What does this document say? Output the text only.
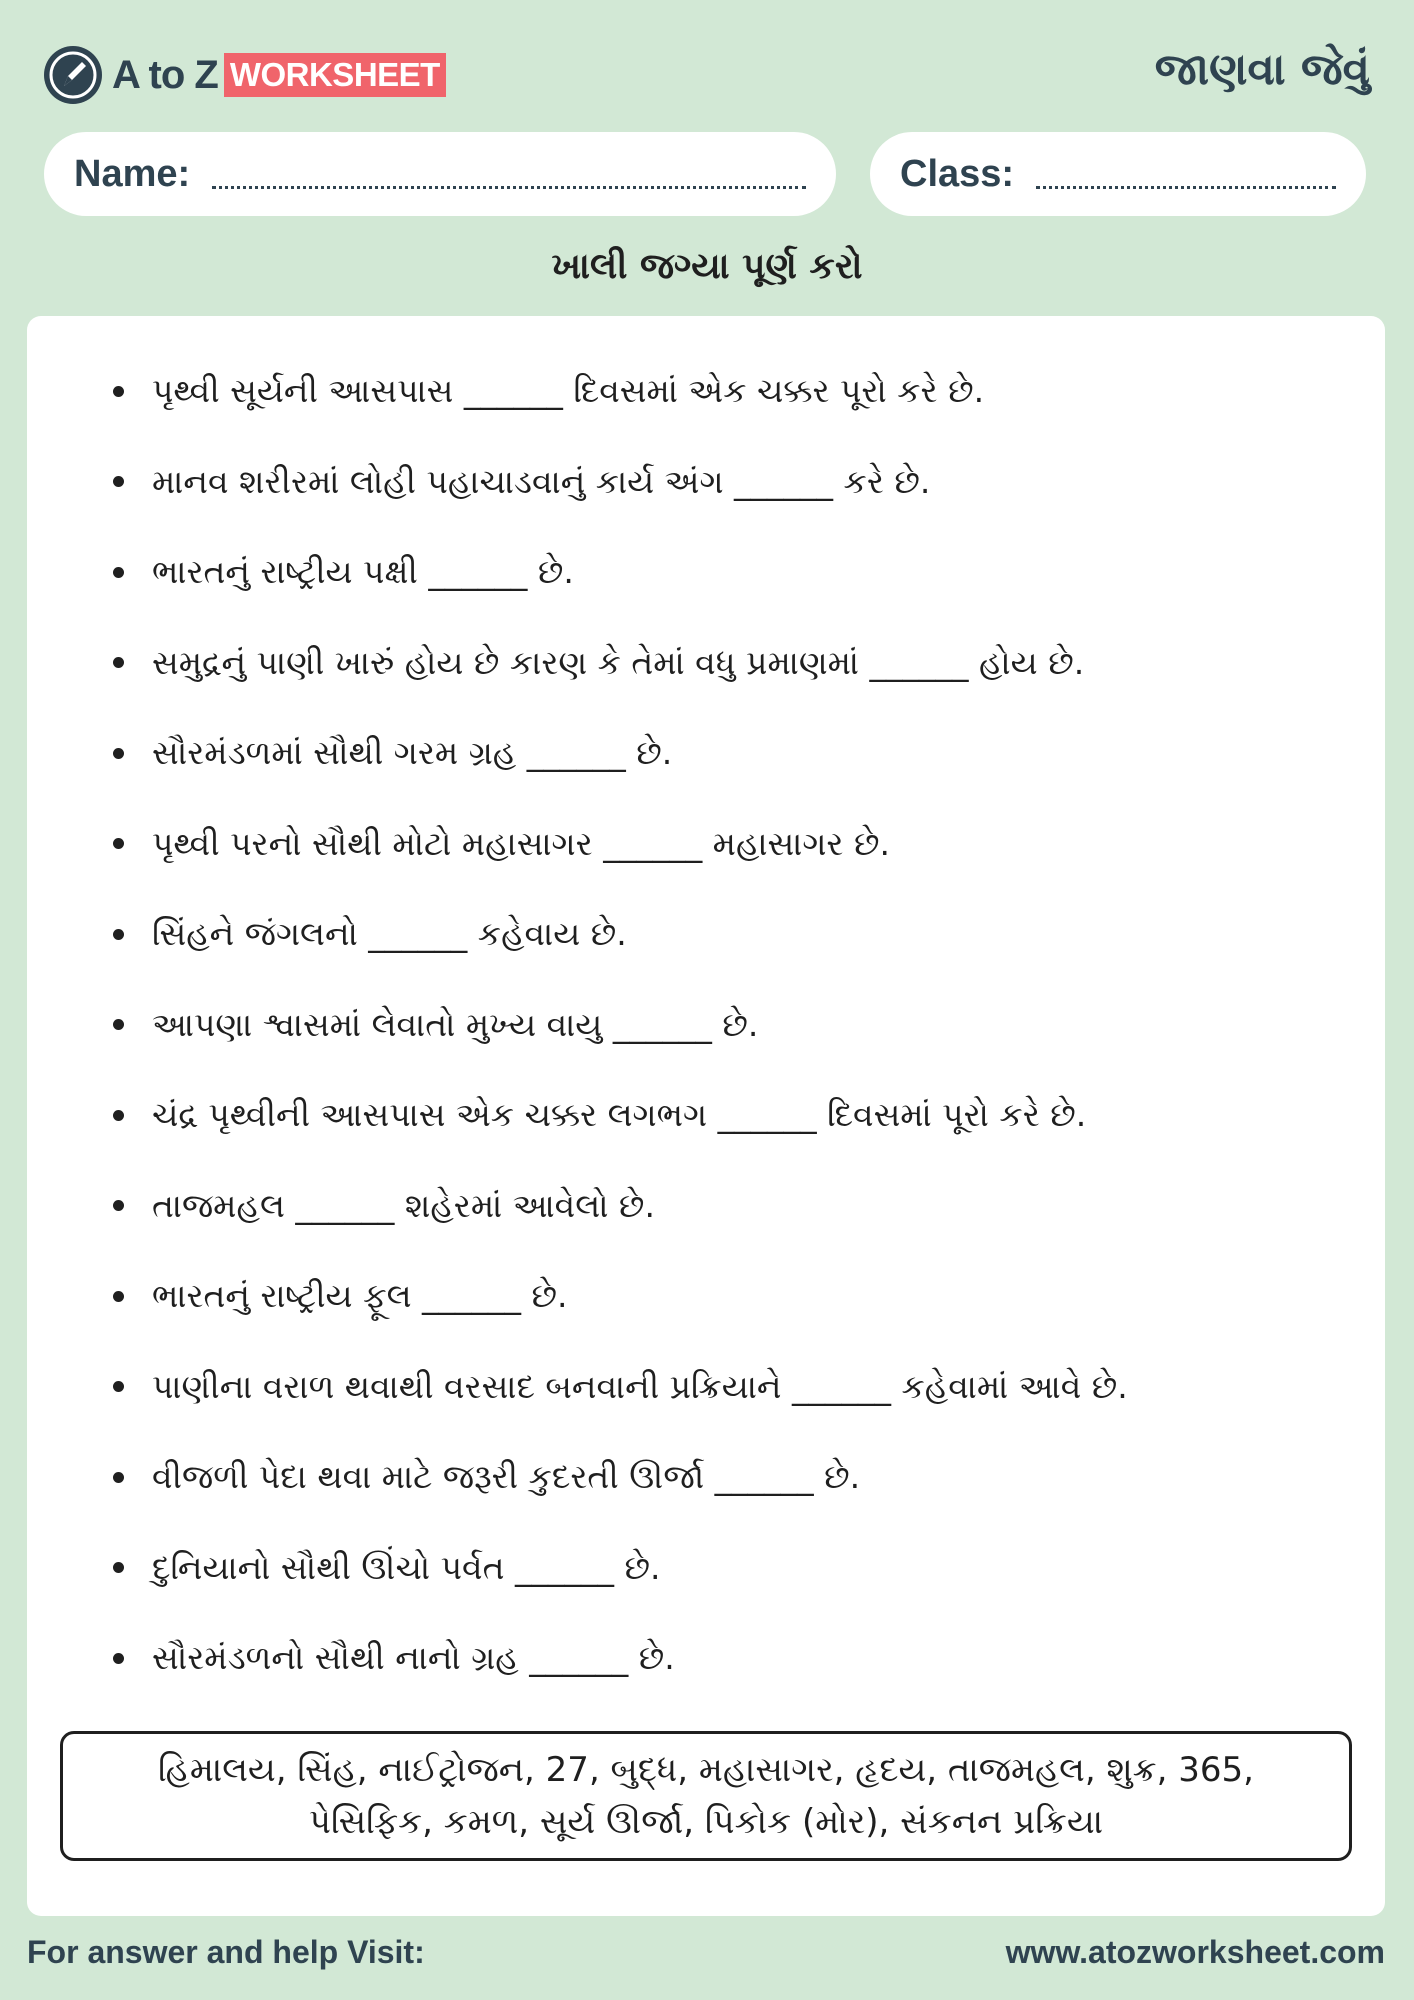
A to Z WORKSHEET	જાણવા જેવું
Name:	Class:
ખાલી જગ્યા પૂર્ણ કરો
પૃથ્વી સૂર્યની આસપાસ ______ દિવસમાં એક ચક્કર પૂરો કરે છે.
માનવ શરીરમાં લોહી પહાચાડવાનું કાર્ય અંગ ______ કરે છે.
ભારતનું રાષ્ટ્રીય પક્ષી ______ છે.
સમુદ્રનું પાણી ખારું હોય છે કારણ કે તેમાં વધુ પ્રમાણમાં ______ હોય છે.
સૌરમંડળમાં સૌથી ગરમ ગ્રહ ______ છે.
પૃથ્વી પરનો સૌથી મોટો મહાસાગર ______ મહાસાગર છે.
સિંહને જંગલનો ______ કહેવાય છે.
આપણા શ્વાસમાં લેવાતો મુખ્ય વાયુ ______ છે.
ચંદ્ર પૃથ્વીની આસપાસ એક ચક્કર લગભગ ______ દિવસમાં પૂરો કરે છે.
તાજમહલ ______ શહેરમાં આવેલો છે.
ભારતનું રાષ્ટ્રીય ફૂલ ______ છે.
પાણીના વરાળ થવાથી વરસાદ બનવાની પ્રક્રિયાને ______ કહેવામાં આવે છે.
વીજળી પેદા થવા માટે જરૂરી કુદરતી ઊર્જા ______ છે.
દુનિયાનો સૌથી ઊંચો પર્વત ______ છે.
સૌરમંડળનો સૌથી નાનો ગ્રહ ______ છે.
હિમાલય, સિંહ, નાઈટ્રોજન, 27, બુદ્ધ, મહાસાગર, હૃદય, તાજમહલ, શુક્ર, 365,
પેસિફિક, કમળ, સૂર્ય ઊર્જા, પિકોક (મોર), સંકનન પ્રક્રિયા
For answer and help Visit:	www.atozworksheet.com
